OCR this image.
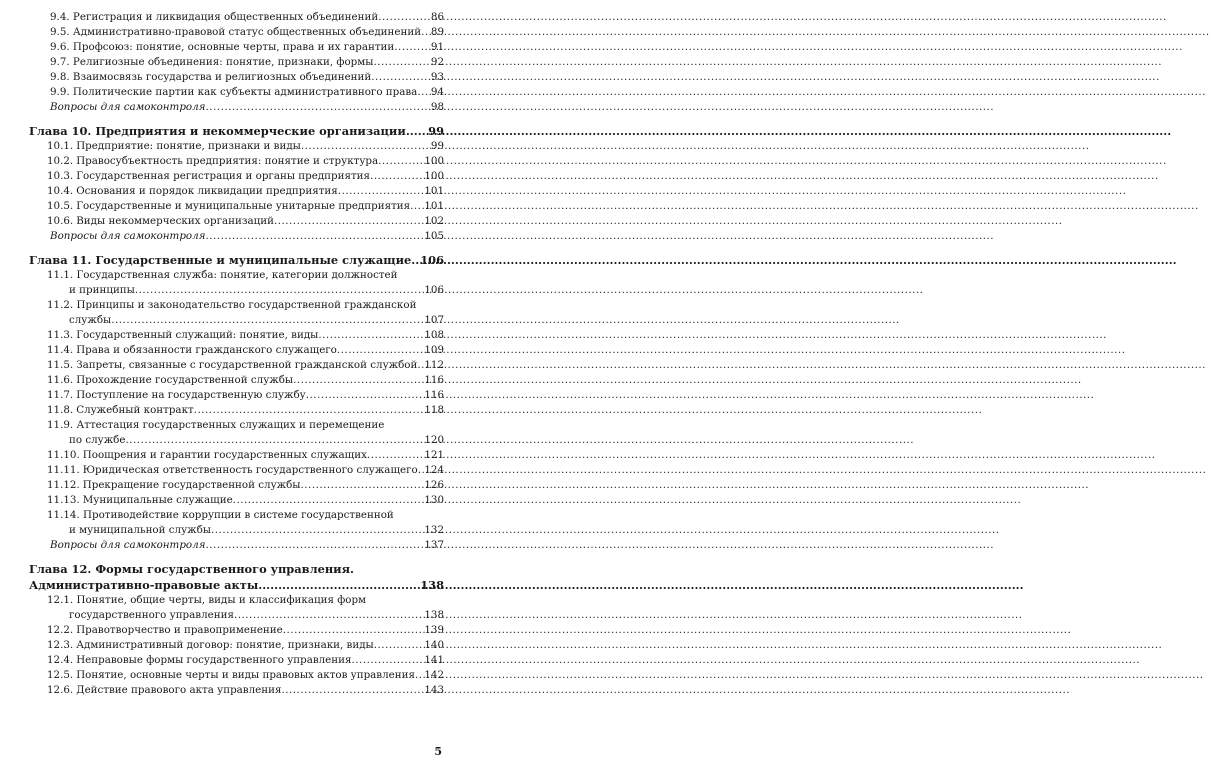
9.4. Регистрация и ликвидация общественных объединений .....	86
9.5. Административно-правовой статус общественных объединений ..... 89
9.6. Профсоюз: понятие, основные черты, права и их гарантии .....	91
9.7. Религиозные объединения: понятие, признаки, формы .....	92
9.8. Взаимосвязь государства и религиозных объединений .....	93
9.9. Политические партии как субъекты административного права ..... 94
Вопросы для самоконтроля .....	98
Глава 10. Предприятия и некоммерческие организации ..... 99
10.1. Предприятие: понятие, признаки и виды .....	99
10.2. Правосубъектность предприятия: понятие и структура .....	100
10.3. Государственная регистрация и органы предприятия .....	100
10.4. Основания и порядок ликвидации предприятия .....	101
10.5. Государственные и муниципальные унитарные предприятия ..... 101
10.6. Виды некоммерческих организаций .....	102
Вопросы для самоконтроля .....	105
Глава 11. Государственные и муниципальные служащие ..... 106
11.1. Государственная служба: понятие, категории должностей
и принципы .....	106
11.2. Принципы и законодательство государственной гражданской
службы .....	107
11.3. Государственный служащий: понятие, виды .....	108
11.4. Права и обязанности гражданского служащего .....	109
11.5. Запреты, связанные с государственной гражданской службой ..... 112
11.6. Прохождение государственной службы .....	116
11.7. Поступление на государственную службу .....	116
11.8. Служебный контракт .....	118
11.9. Аттестация государственных служащих и перемещение
по службе .....	120
11.10. Поощрения и гарантии государственных служащих .....	121
11.11. Юридическая ответственность государственного служащего ..... 124
11.12. Прекращение государственной службы .....	126
11.13. Муниципальные служащие .....	130
11.14. Противодействие коррупции в системе государственной
и муниципальной службы .....	132
Вопросы для самоконтроля .....	137
Глава 12. Формы государственного управления.
Административно-правовые акты .....	138
12.1. Понятие, общие черты, виды и классификация форм
государственного управления .....	138
12.2. Правотворчество и правоприменение .....	139
12.3. Административный договор: понятие, признаки, виды .....	140
12.4. Неправовые формы государственного управления .....	141
12.5. Понятие, основные черты и виды правовых актов управления ..... 142
12.6. Действие правового акта управления .....	143
5
